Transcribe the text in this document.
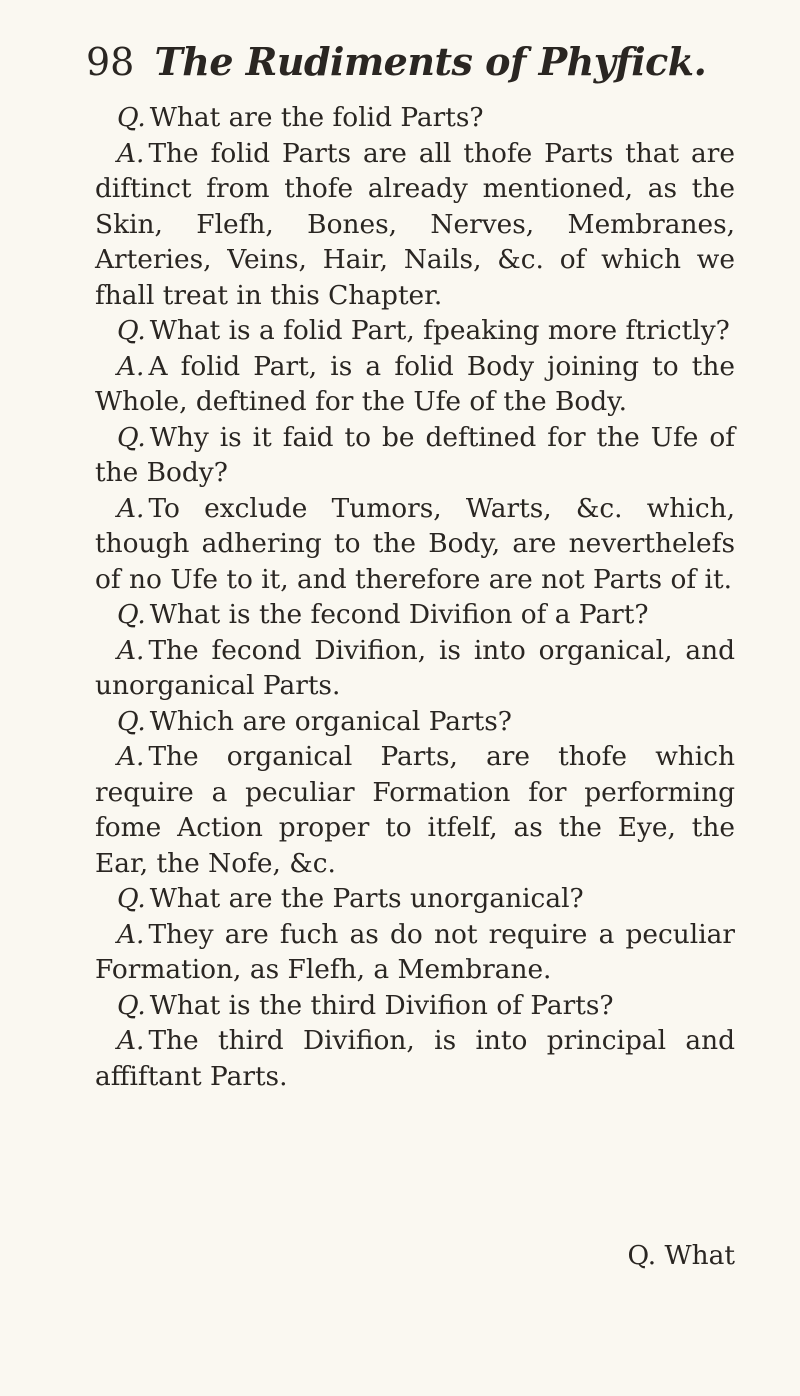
98 The Rudiments of Phyfick.

Q. What are the folid Parts?

A. The folid Parts are all thofe Parts that are diftinct from thofe already mentioned, as the Skin, Flefh, Bones, Nerves, Membranes, Arteries, Veins, Hair, Nails, &c. of which we fhall treat in this Chapter.

Q. What is a folid Part, fpeaking more ftrictly?

A. A folid Part, is a folid Body joining to the Whole, deftined for the Ufe of the Body.

Q. Why is it faid to be deftined for the Ufe of the Body?

A. To exclude Tumors, Warts, &c. which, though adhering to the Body, are neverthelefs of no Ufe to it, and therefore are not Parts of it.

Q. What is the fecond Divifion of a Part?

A. The fecond Divifion, is into organical, and unorganical Parts.

Q. Which are organical Parts?

A. The organical Parts, are thofe which require a peculiar Formation for performing fome Action proper to itfelf, as the Eye, the Ear, the Nofe, &c.

Q. What are the Parts unorganical?

A. They are fuch as do not require a peculiar Formation, as Flefh, a Membrane.

Q. What is the third Divifion of Parts?

A. The third Divifion, is into principal and affiftant Parts.

Q. What
